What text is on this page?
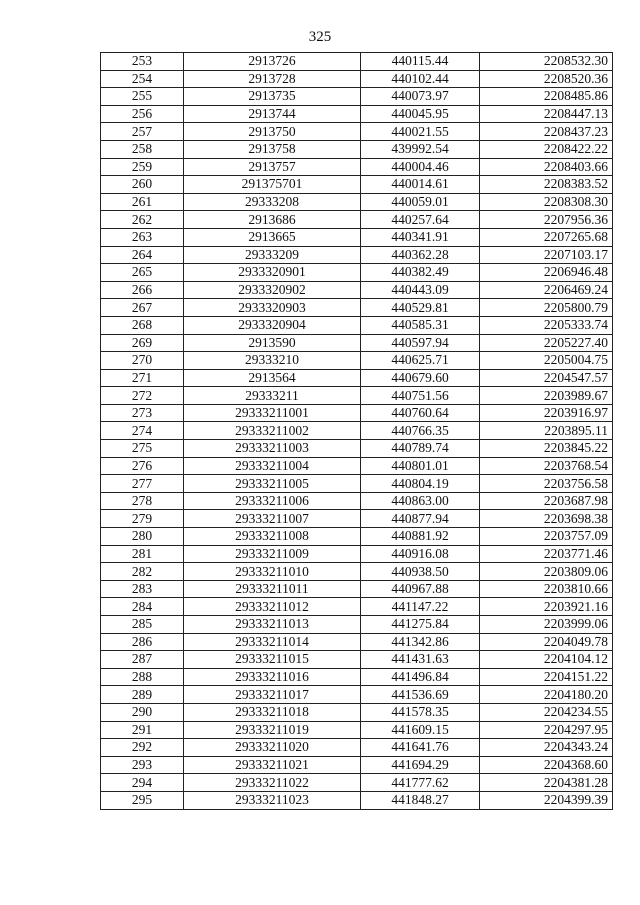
325
253	2913726	440115.44	2208532.30
254	2913728	440102.44	2208520.36
255	2913735	440073.97	2208485.86
256	2913744	440045.95	2208447.13
257	2913750	440021.55	2208437.23
258	2913758	439992.54	2208422.22
259	2913757	440004.46	2208403.66
260	291375701	440014.61	2208383.52
261	29333208	440059.01	2208308.30
262	2913686	440257.64	2207956.36
263	2913665	440341.91	2207265.68
264	29333209	440362.28	2207103.17
265	2933320901	440382.49	2206946.48
266	2933320902	440443.09	2206469.24
267	2933320903	440529.81	2205800.79
268	2933320904	440585.31	2205333.74
269	2913590	440597.94	2205227.40
270	29333210	440625.71	2205004.75
271	2913564	440679.60	2204547.57
272	29333211	440751.56	2203989.67
273	29333211001	440760.64	2203916.97
274	29333211002	440766.35	2203895.11
275	29333211003	440789.74	2203845.22
276	29333211004	440801.01	2203768.54
277	29333211005	440804.19	2203756.58
278	29333211006	440863.00	2203687.98
279	29333211007	440877.94	2203698.38
280	29333211008	440881.92	2203757.09
281	29333211009	440916.08	2203771.46
282	29333211010	440938.50	2203809.06
283	29333211011	440967.88	2203810.66
284	29333211012	441147.22	2203921.16
285	29333211013	441275.84	2203999.06
286	29333211014	441342.86	2204049.78
287	29333211015	441431.63	2204104.12
288	29333211016	441496.84	2204151.22
289	29333211017	441536.69	2204180.20
290	29333211018	441578.35	2204234.55
291	29333211019	441609.15	2204297.95
292	29333211020	441641.76	2204343.24
293	29333211021	441694.29	2204368.60
294	29333211022	441777.62	2204381.28
295	29333211023	441848.27	2204399.39
